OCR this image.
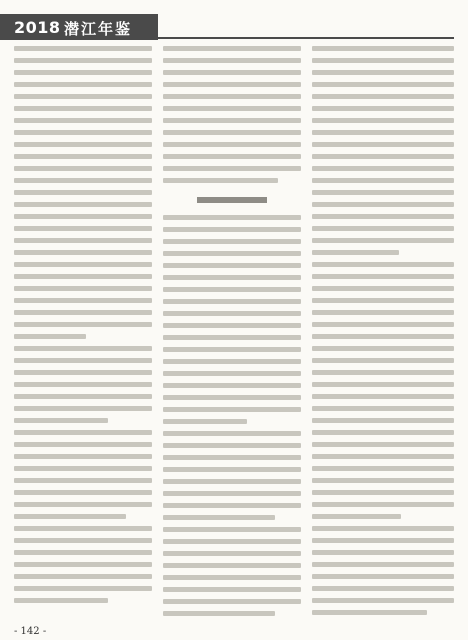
2018 潜江年鉴
- 142 -
